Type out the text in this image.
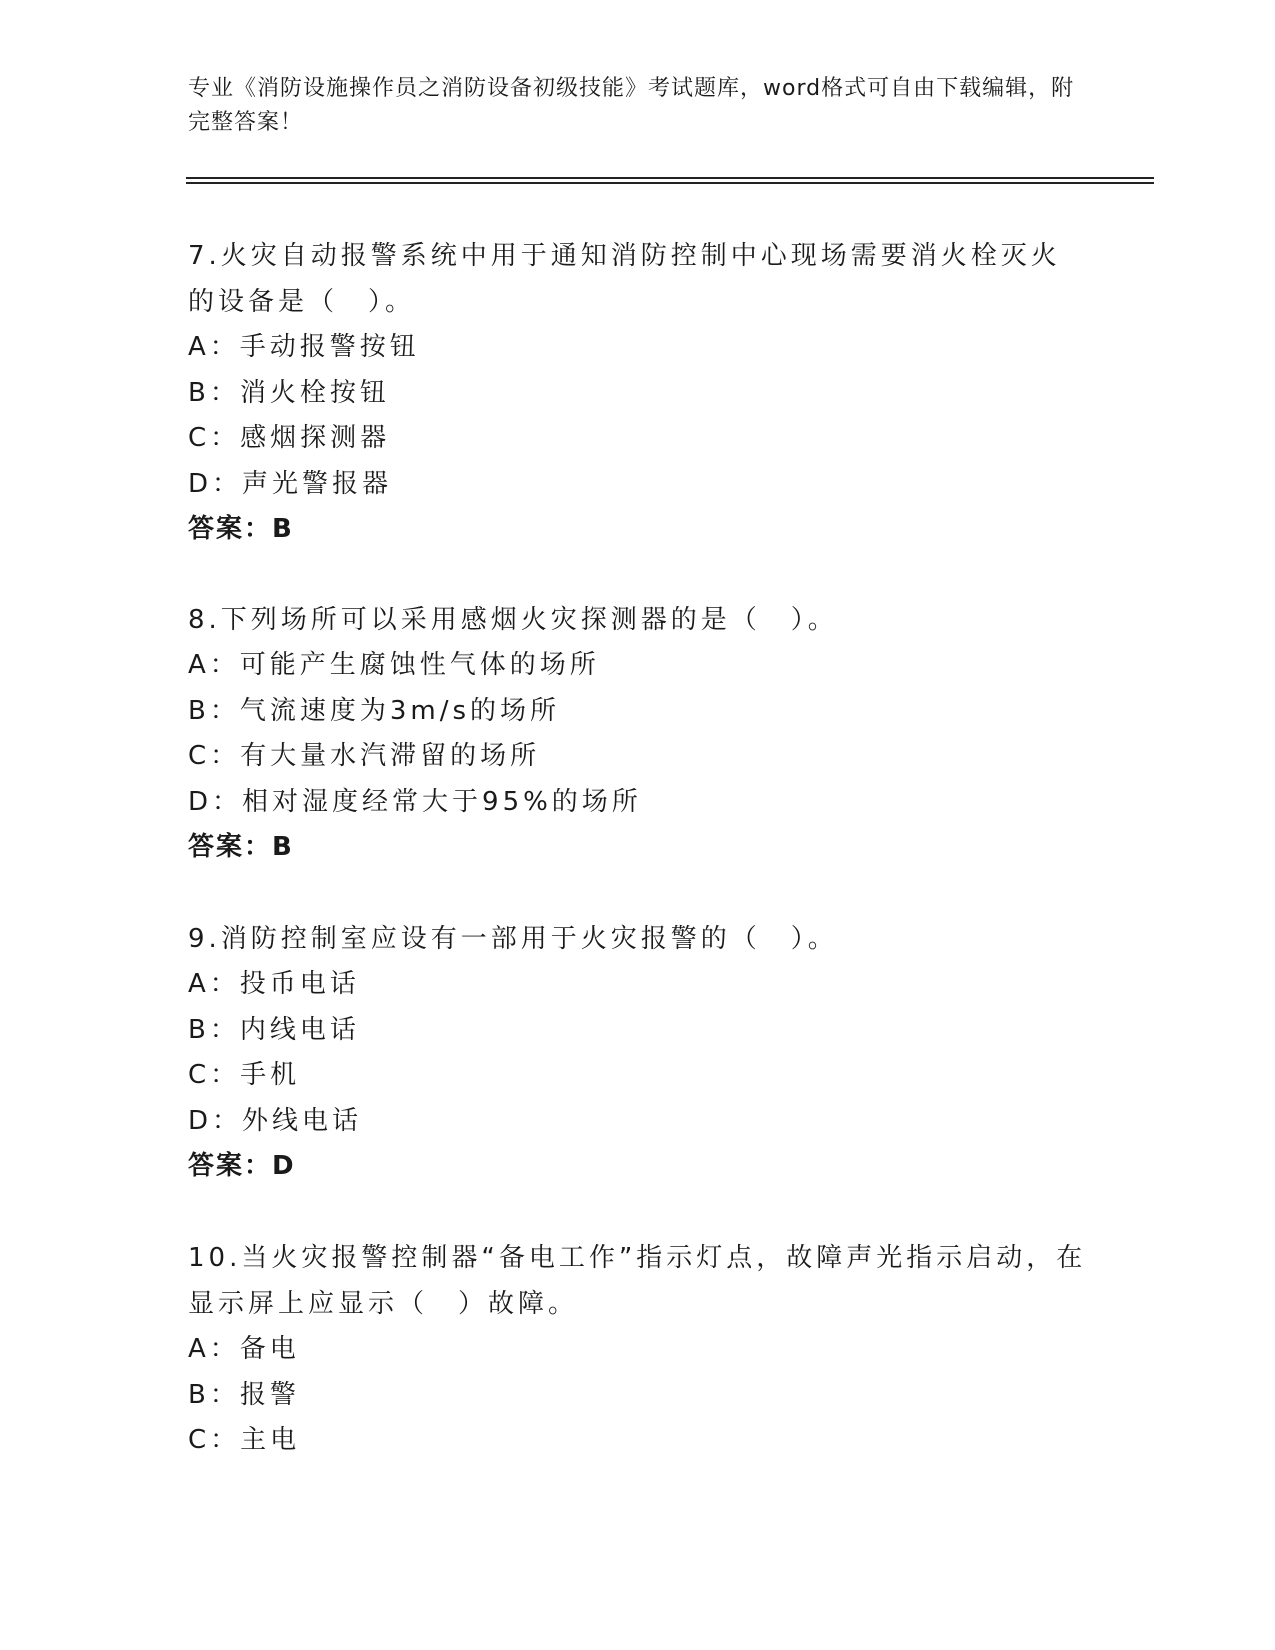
专业《消防设施操作员之消防设备初级技能》考试题库，word格式可自由下载编辑，附完整答案！
7.火灾自动报警系统中用于通知消防控制中心现场需要消火栓灭火的设备是（　）。
A：手动报警按钮
B：消火栓按钮
C：感烟探测器
D：声光警报器
答案：B
8.下列场所可以采用感烟火灾探测器的是（　）。
A：可能产生腐蚀性气体的场所
B：气流速度为3m/s的场所
C：有大量水汽滞留的场所
D：相对湿度经常大于95%的场所
答案：B
9.消防控制室应设有一部用于火灾报警的（　）。
A：投币电话
B：内线电话
C：手机
D：外线电话
答案：D
10.当火灾报警控制器“备电工作”指示灯点，故障声光指示启动，在显示屏上应显示（　）故障。
A：备电
B：报警
C：主电
